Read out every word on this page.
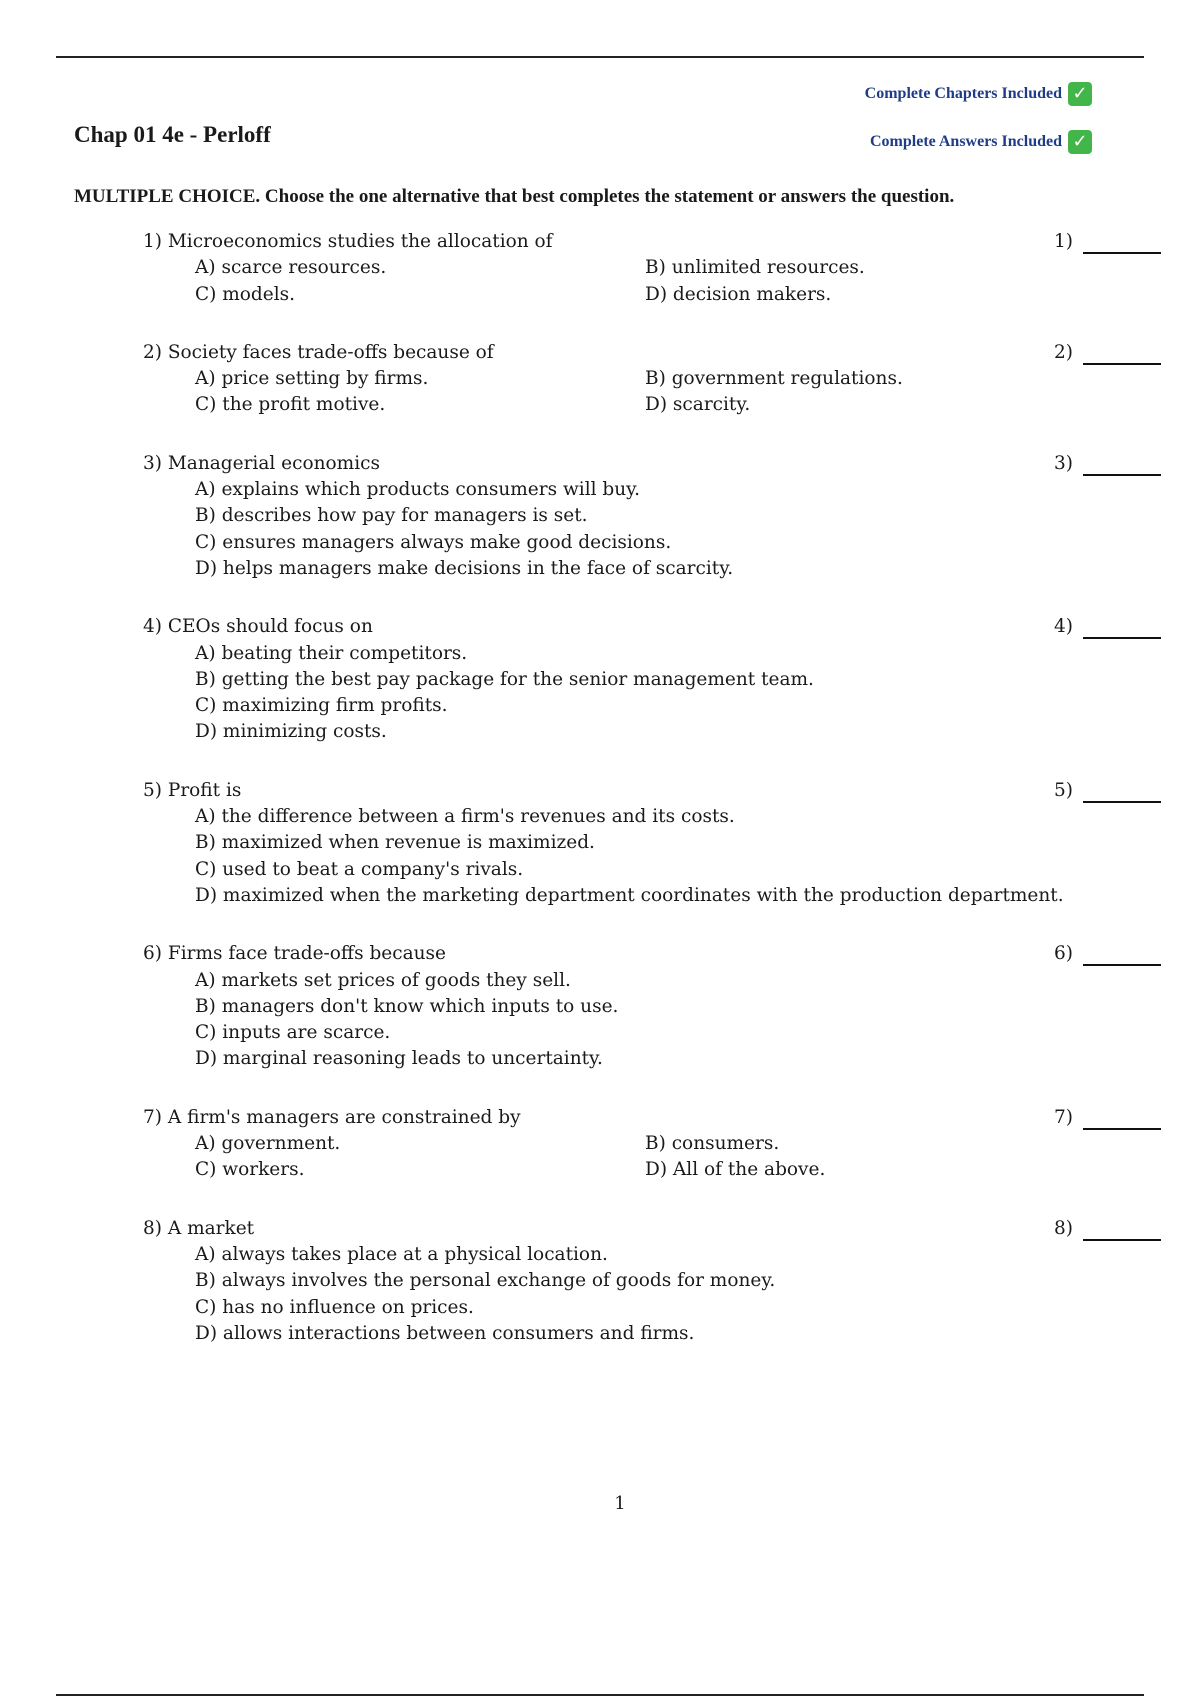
Complete Chapters Included ✓
Complete Answers Included ✓
Chap 01 4e - Perloff
MULTIPLE CHOICE. Choose the one alternative that best completes the statement or answers the question.
1) Microeconomics studies the allocation of
A) scarce resources.	B) unlimited resources.
C) models.	D) decision makers.
1)
2) Society faces trade-offs because of
A) price setting by firms.	B) government regulations.
C) the profit motive.	D) scarcity.
2)
3) Managerial economics
A) explains which products consumers will buy.
B) describes how pay for managers is set.
C) ensures managers always make good decisions.
D) helps managers make decisions in the face of scarcity.
3)
4) CEOs should focus on
A) beating their competitors.
B) getting the best pay package for the senior management team.
C) maximizing firm profits.
D) minimizing costs.
4)
5) Profit is
A) the difference between a firm's revenues and its costs.
B) maximized when revenue is maximized.
C) used to beat a company's rivals.
D) maximized when the marketing department coordinates with the production department.
5)
6) Firms face trade-offs because
A) markets set prices of goods they sell.
B) managers don't know which inputs to use.
C) inputs are scarce.
D) marginal reasoning leads to uncertainty.
6)
7) A firm's managers are constrained by
A) government.	B) consumers.
C) workers.	D) All of the above.
7)
8) A market
A) always takes place at a physical location.
B) always involves the personal exchange of goods for money.
C) has no influence on prices.
D) allows interactions between consumers and firms.
8)
1
